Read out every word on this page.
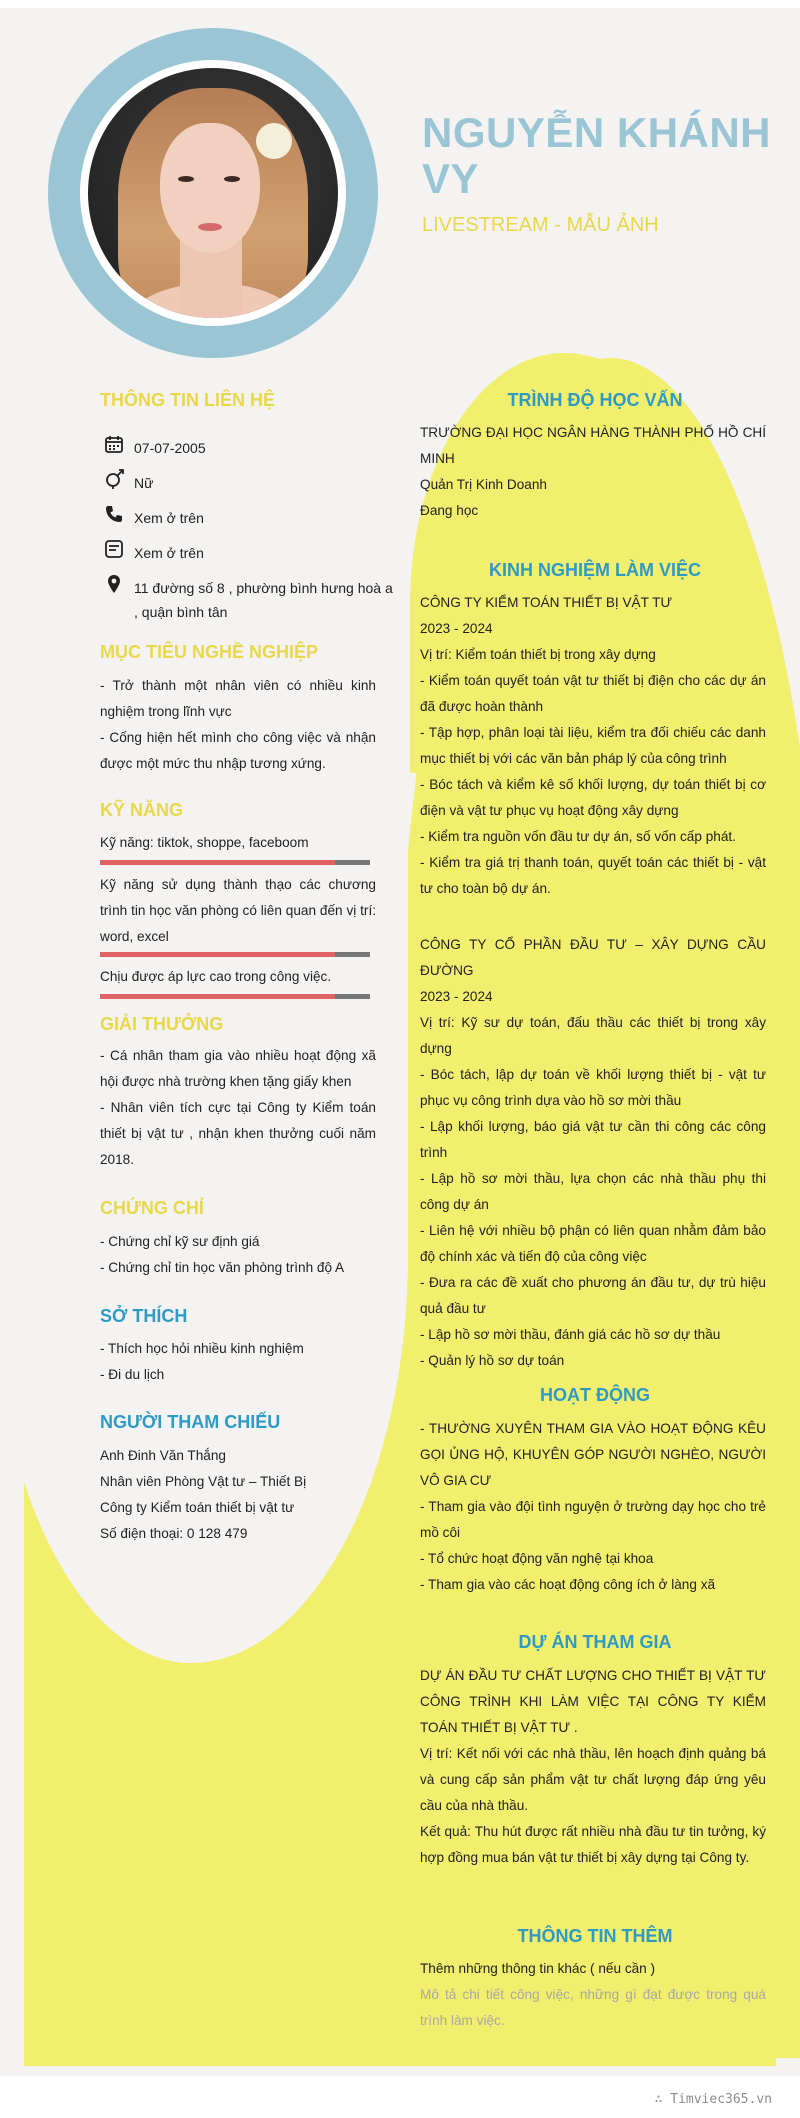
NGUYỄN KHÁNH VY
LIVESTREAM - MẪU ẢNH
THÔNG TIN LIÊN HỆ
07-07-2005
Nữ
Xem ở trên
Xem ở trên
11 đường số 8 , phường bình hưng hoà a , quận bình tân
MỤC TIÊU NGHỀ NGHIỆP
- Trở thành một nhân viên có nhiều kinh nghiệm trong lĩnh vực
- Cống hiện hết mình cho công việc và nhận được một mức thu nhập tương xứng.
KỸ NĂNG
Kỹ năng: tiktok, shoppe, faceboom
Kỹ năng sử dụng thành thạo các chương trình tin học văn phòng có liên quan đến vị trí: word, excel
Chịu được áp lực cao trong công việc.
GIẢI THƯỞNG
- Cá nhân tham gia vào nhiều hoạt động xã hội được nhà trường khen tặng giấy khen
- Nhân viên tích cực tại Công ty Kiểm toán thiết bị vật tư , nhận khen thưởng cuối năm 2018.
CHỨNG CHỈ
- Chứng chỉ kỹ sư định giá
- Chứng chỉ tin học văn phòng trình độ A
SỞ THÍCH
- Thích học hỏi nhiều kinh nghiệm
- Đi du lịch
NGƯỜI THAM CHIẾU
Anh Đinh Văn Thắng
Nhân viên Phòng Vật tư – Thiết Bị
Công ty Kiểm toán thiết bị vật tư
Số điện thoại: 0 128 479
TRÌNH ĐỘ HỌC VẤN
TRƯỜNG ĐẠI HỌC NGÂN HÀNG THÀNH PHỐ HỒ CHÍ MINH
Quản Trị Kinh Doanh
Đang học
KINH NGHIỆM LÀM VIỆC
CÔNG TY KIỂM TOÁN THIẾT BỊ VẬT TƯ
2023 - 2024
Vị trí: Kiểm toán thiết bị trong xây dựng
- Kiểm toán quyết toán vật tư thiết bị điện cho các dự án đã được hoàn thành
- Tập hợp, phân loại tài liệu, kiểm tra đối chiếu các danh mục thiết bị với các văn bản pháp lý của công trình
- Bóc tách và kiểm kê số khối lượng, dự toán thiết bị cơ điện và vật tư phục vụ hoạt động xây dựng
- Kiểm tra nguồn vốn đầu tư dự án, số vốn cấp phát.
- Kiểm tra giá trị thanh toán, quyết toán các thiết bị - vật tư cho toàn bộ dự án.
CÔNG TY CỔ PHẦN ĐẦU TƯ – XÂY DỰNG CẦU ĐƯỜNG
2023 - 2024
Vị trí: Kỹ sư dự toán, đấu thầu các thiết bị trong xây dựng
- Bóc tách, lập dự toán về khối lượng thiết bị - vật tư phục vụ công trình dựa vào hồ sơ mời thầu
- Lập khối lượng, báo giá vật tư cần thi công các công trình
- Lập hồ sơ mời thầu, lựa chọn các nhà thầu phụ thi công dự án
- Liên hệ với nhiều bộ phận có liên quan nhằm đảm bảo độ chính xác và tiến độ của công việc
- Đưa ra các đề xuất cho phương án đầu tư, dự trù hiệu quả đầu tư
- Lập hồ sơ mời thầu, đánh giá các hồ sơ dự thầu
- Quản lý hồ sơ dự toán
HOẠT ĐỘNG
- THƯỜNG XUYÊN THAM GIA VÀO HOẠT ĐỘNG KÊU GỌI ỦNG HỘ, KHUYÊN GÓP NGƯỜI NGHÈO, NGƯỜI VÔ GIA CƯ
- Tham gia vào đội tình nguyện ở trường dạy học cho trẻ mồ côi
- Tổ chức hoạt động văn nghệ tại khoa
- Tham gia vào các hoạt động công ích ở làng xã
DỰ ÁN THAM GIA
DỰ ÁN ĐẦU TƯ CHẤT LƯỢNG CHO THIẾT BỊ VẬT TƯ CÔNG TRÌNH KHI LÀM VIỆC TẠI CÔNG TY KIỂM TOÁN THIẾT BỊ VẬT TƯ .
Vị trí: Kết nối với các nhà thầu, lên hoạch định quảng bá và cung cấp sản phẩm vật tư chất lượng đáp ứng yêu cầu của nhà thầu.
Kết quả: Thu hút được rất nhiều nhà đầu tư tin tưởng, ký hợp đồng mua bán vật tư thiết bị xây dựng tại Công ty.
THÔNG TIN THÊM
Thêm những thông tin khác ( nếu cần )
Mô tả chi tiết công việc, những gì đạt được trong quá trình làm việc.
∴ Timviec365.vn
